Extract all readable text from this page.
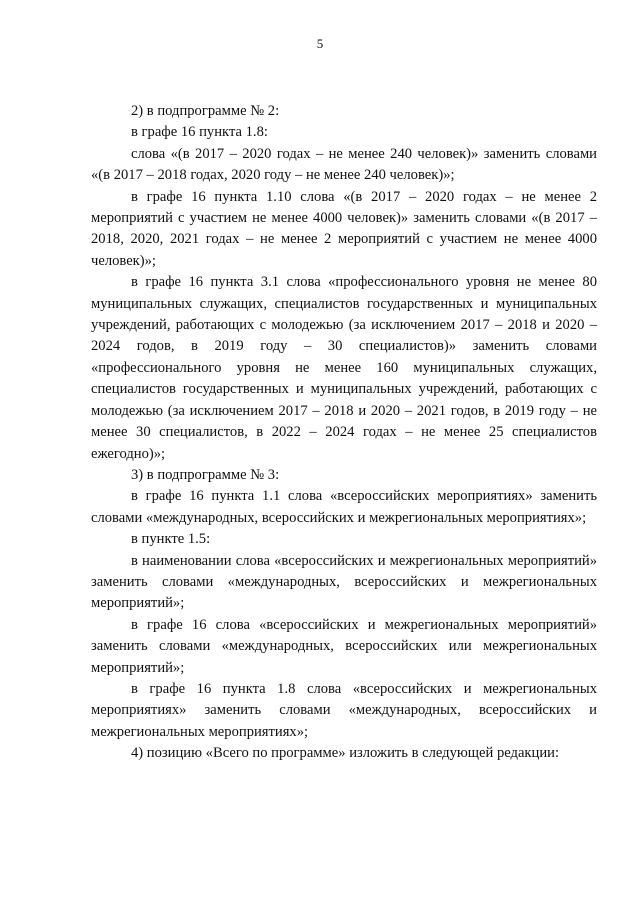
5

2) в подпрограмме № 2:

в графе 16 пункта 1.8:

слова «(в 2017 – 2020 годах – не менее 240 человек)» заменить словами «(в 2017 – 2018 годах, 2020 году – не менее 240 человек)»;

в графе 16 пункта 1.10 слова «(в 2017 – 2020 годах – не менее 2 мероприятий с участием не менее 4000 человек)» заменить словами «(в 2017 – 2018, 2020, 2021 годах – не менее 2 мероприятий с участием не менее 4000 человек)»;

в графе 16 пункта 3.1 слова «профессионального уровня не менее 80 муниципальных служащих, специалистов государственных и муниципальных учреждений, работающих с молодежью (за исключением 2017 – 2018 и 2020 – 2024 годов, в 2019 году – 30 специалистов)» заменить словами «профессионального уровня не менее 160 муниципальных служащих, специалистов государственных и муниципальных учреждений, работающих с молодежью (за исключением 2017 – 2018 и 2020 – 2021 годов, в 2019 году – не менее 30 специалистов, в 2022 – 2024 годах – не менее 25 специалистов ежегодно)»;

3) в подпрограмме № 3:

в графе 16 пункта 1.1 слова «всероссийских мероприятиях» заменить словами «международных, всероссийских и межрегиональных мероприятиях»;

в пункте 1.5:

в наименовании слова «всероссийских и межрегиональных мероприятий» заменить словами «международных, всероссийских и межрегиональных мероприятий»;

в графе 16 слова «всероссийских и межрегиональных мероприятий» заменить словами «международных, всероссийских или межрегиональных мероприятий»;

в графе 16 пункта 1.8 слова «всероссийских и межрегиональных мероприятиях» заменить словами «международных, всероссийских и межрегиональных мероприятиях»;

4) позицию «Всего по программе» изложить в следующей редакции:
